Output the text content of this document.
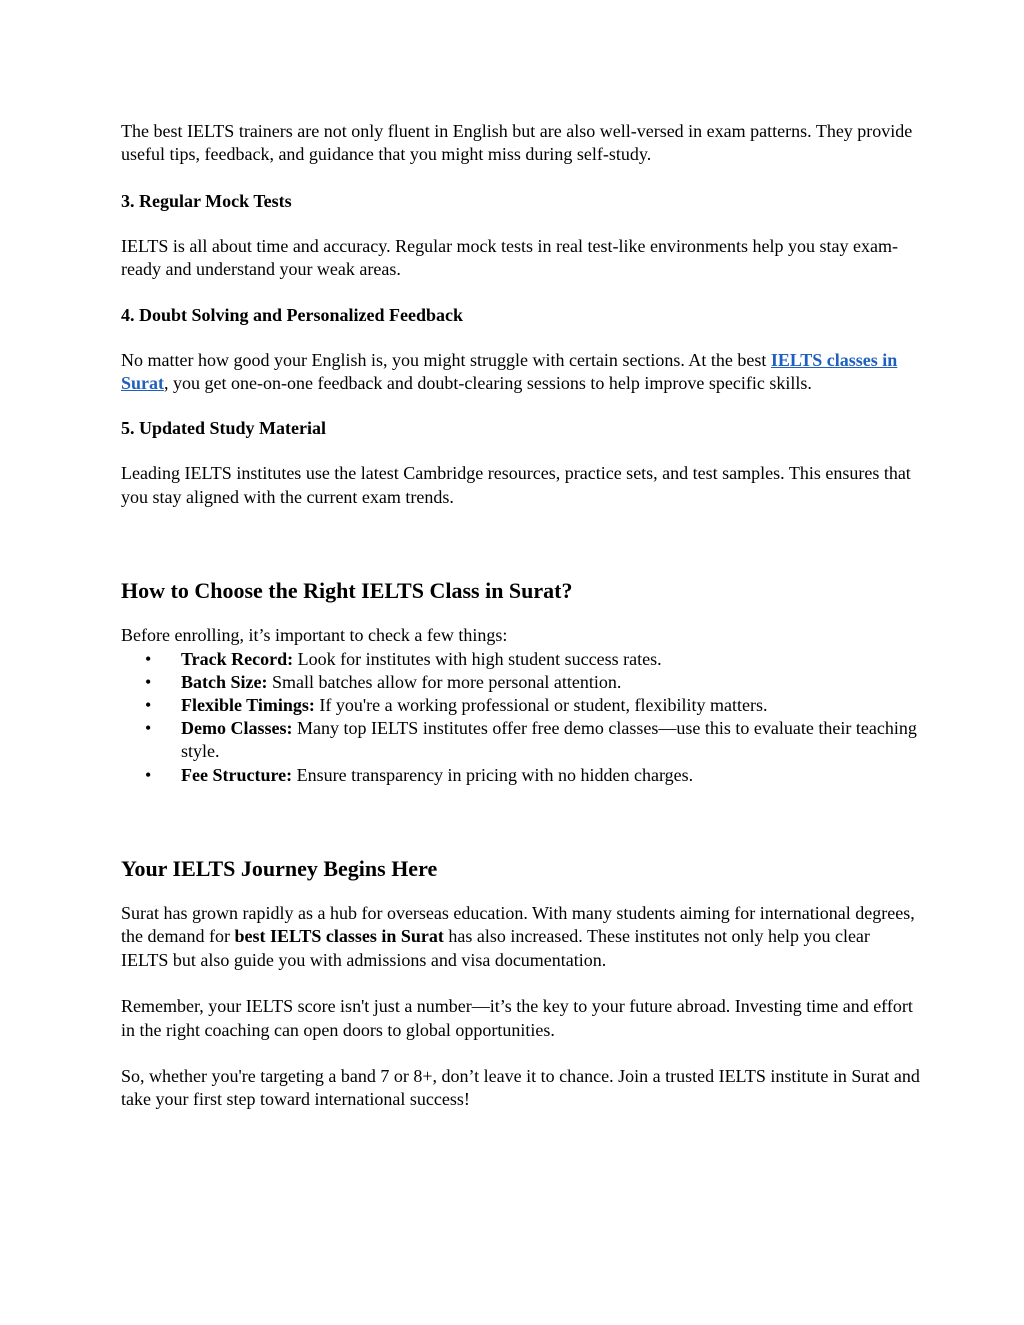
The best IELTS trainers are not only fluent in English but are also well-versed in exam patterns. They provide useful tips, feedback, and guidance that you might miss during self-study.

3. Regular Mock Tests

IELTS is all about time and accuracy. Regular mock tests in real test-like environments help you stay exam-ready and understand your weak areas.

4. Doubt Solving and Personalized Feedback

No matter how good your English is, you might struggle with certain sections. At the best IELTS classes in Surat, you get one-on-one feedback and doubt-clearing sessions to help improve specific skills.

5. Updated Study Material

Leading IELTS institutes use the latest Cambridge resources, practice sets, and test samples. This ensures that you stay aligned with the current exam trends.

How to Choose the Right IELTS Class in Surat?

Before enrolling, it’s important to check a few things:

• Track Record: Look for institutes with high student success rates.
• Batch Size: Small batches allow for more personal attention.
• Flexible Timings: If you're a working professional or student, flexibility matters.
• Demo Classes: Many top IELTS institutes offer free demo classes—use this to evaluate their teaching style.
• Fee Structure: Ensure transparency in pricing with no hidden charges.
Your IELTS Journey Begins Here

Surat has grown rapidly as a hub for overseas education. With many students aiming for international degrees, the demand for best IELTS classes in Surat has also increased. These institutes not only help you clear IELTS but also guide you with admissions and visa documentation.

Remember, your IELTS score isn't just a number—it’s the key to your future abroad. Investing time and effort in the right coaching can open doors to global opportunities.

So, whether you're targeting a band 7 or 8+, don’t leave it to chance. Join a trusted IELTS institute in Surat and take your first step toward international success!
